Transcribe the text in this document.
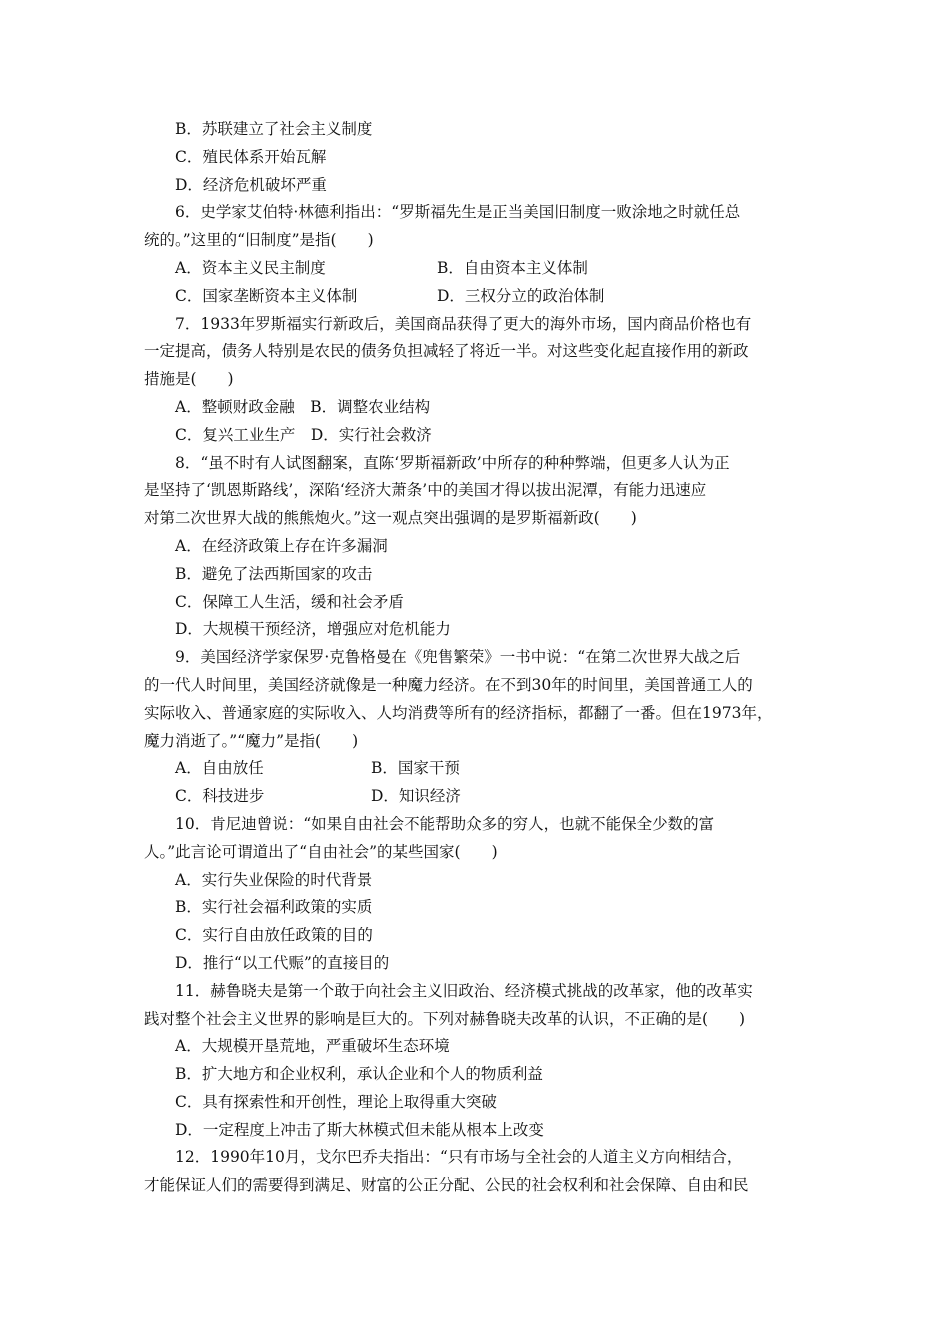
B．苏联建立了社会主义制度
C．殖民体系开始瓦解
D．经济危机破坏严重
6．史学家艾伯特·林德利指出：“罗斯福先生是正当美国旧制度一败涂地之时就任总
统的。”这里的“旧制度”是指(　　)
A．资本主义民主制度	B．自由资本主义体制
C．国家垄断资本主义体制	D．三权分立的政治体制
7．1933年罗斯福实行新政后，美国商品获得了更大的海外市场，国内商品价格也有
一定提高，债务人特别是农民的债务负担减轻了将近一半。对这些变化起直接作用的新政
措施是(　　)
A．整顿财政金融　B．调整农业结构
C．复兴工业生产　D．实行社会救济
8．“虽不时有人试图翻案，直陈‘罗斯福新政’中所存的种种弊端，但更多人认为正
是坚持了‘凯恩斯路线’，深陷‘经济大萧条’中的美国才得以拔出泥潭，有能力迅速应
对第二次世界大战的熊熊炮火。”这一观点突出强调的是罗斯福新政(　　)
A．在经济政策上存在许多漏洞
B．避免了法西斯国家的攻击
C．保障工人生活，缓和社会矛盾
D．大规模干预经济，增强应对危机能力
9．美国经济学家保罗·克鲁格曼在《兜售繁荣》一书中说：“在第二次世界大战之后
的一代人时间里，美国经济就像是一种魔力经济。在不到30年的时间里，美国普通工人的
实际收入、普通家庭的实际收入、人均消费等所有的经济指标，都翻了一番。但在1973年，
魔力消逝了。”“魔力”是指(　　)
A．自由放任	B．国家干预
C．科技进步	D．知识经济
10．肯尼迪曾说：“如果自由社会不能帮助众多的穷人，也就不能保全少数的富
人。”此言论可谓道出了“自由社会”的某些国家(　　)
A．实行失业保险的时代背景
B．实行社会福利政策的实质
C．实行自由放任政策的目的
D．推行“以工代赈”的直接目的
11．赫鲁晓夫是第一个敢于向社会主义旧政治、经济模式挑战的改革家，他的改革实
践对整个社会主义世界的影响是巨大的。下列对赫鲁晓夫改革的认识，不正确的是(　　)
A．大规模开垦荒地，严重破坏生态环境
B．扩大地方和企业权利，承认企业和个人的物质利益
C．具有探索性和开创性，理论上取得重大突破
D．一定程度上冲击了斯大林模式但未能从根本上改变
12．1990年10月，戈尔巴乔夫指出：“只有市场与全社会的人道主义方向相结合，
才能保证人们的需要得到满足、财富的公正分配、公民的社会权利和社会保障、自由和民
